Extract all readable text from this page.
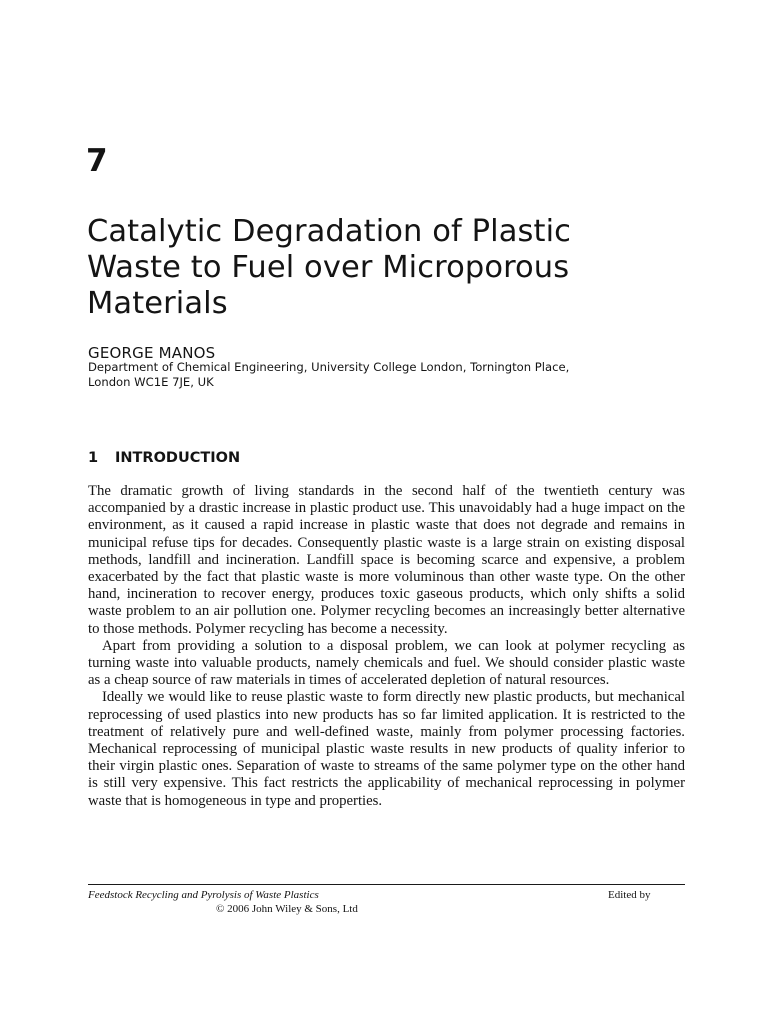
7
Catalytic Degradation of Plastic
Waste to Fuel over Microporous
Materials
GEORGE MANOS
Department of Chemical Engineering, University College London, Tornington Place,
London WC1E 7JE, UK
1 INTRODUCTION

The dramatic growth of living standards in the second half of the twentieth century was accompanied by a drastic increase in plastic product use. This unavoidably had a huge impact on the environment, as it caused a rapid increase in plastic waste that does not degrade and remains in municipal refuse tips for decades. Consequently plastic waste is a large strain on existing disposal methods, landfill and incineration. Landfill space is becoming scarce and expensive, a problem exacerbated by the fact that plastic waste is more voluminous than other waste type. On the other hand, incineration to recover energy, produces toxic gaseous products, which only shifts a solid waste problem to an air pollution one. Polymer recycling becomes an increasingly better alternative to those methods. Polymer recycling has become a necessity.

Apart from providing a solution to a disposal problem, we can look at polymer recycling as turning waste into valuable products, namely chemicals and fuel. We should consider plastic waste as a cheap source of raw materials in times of accelerated depletion of natural resources.

Ideally we would like to reuse plastic waste to form directly new plastic products, but mechanical reprocessing of used plastics into new products has so far limited application. It is restricted to the treatment of relatively pure and well-defined waste, mainly from polymer processing factories. Mechanical reprocessing of municipal plastic waste results in new products of quality inferior to their virgin plastic ones. Separation of waste to streams of the same polymer type on the other hand is still very expensive. This fact restricts the applicability of mechanical reprocessing in polymer waste that is homogeneous in type and properties.

Feedstock Recycling and Pyrolysis of Waste Plastics	Edited by
© 2006 John Wiley & Sons, Ltd
